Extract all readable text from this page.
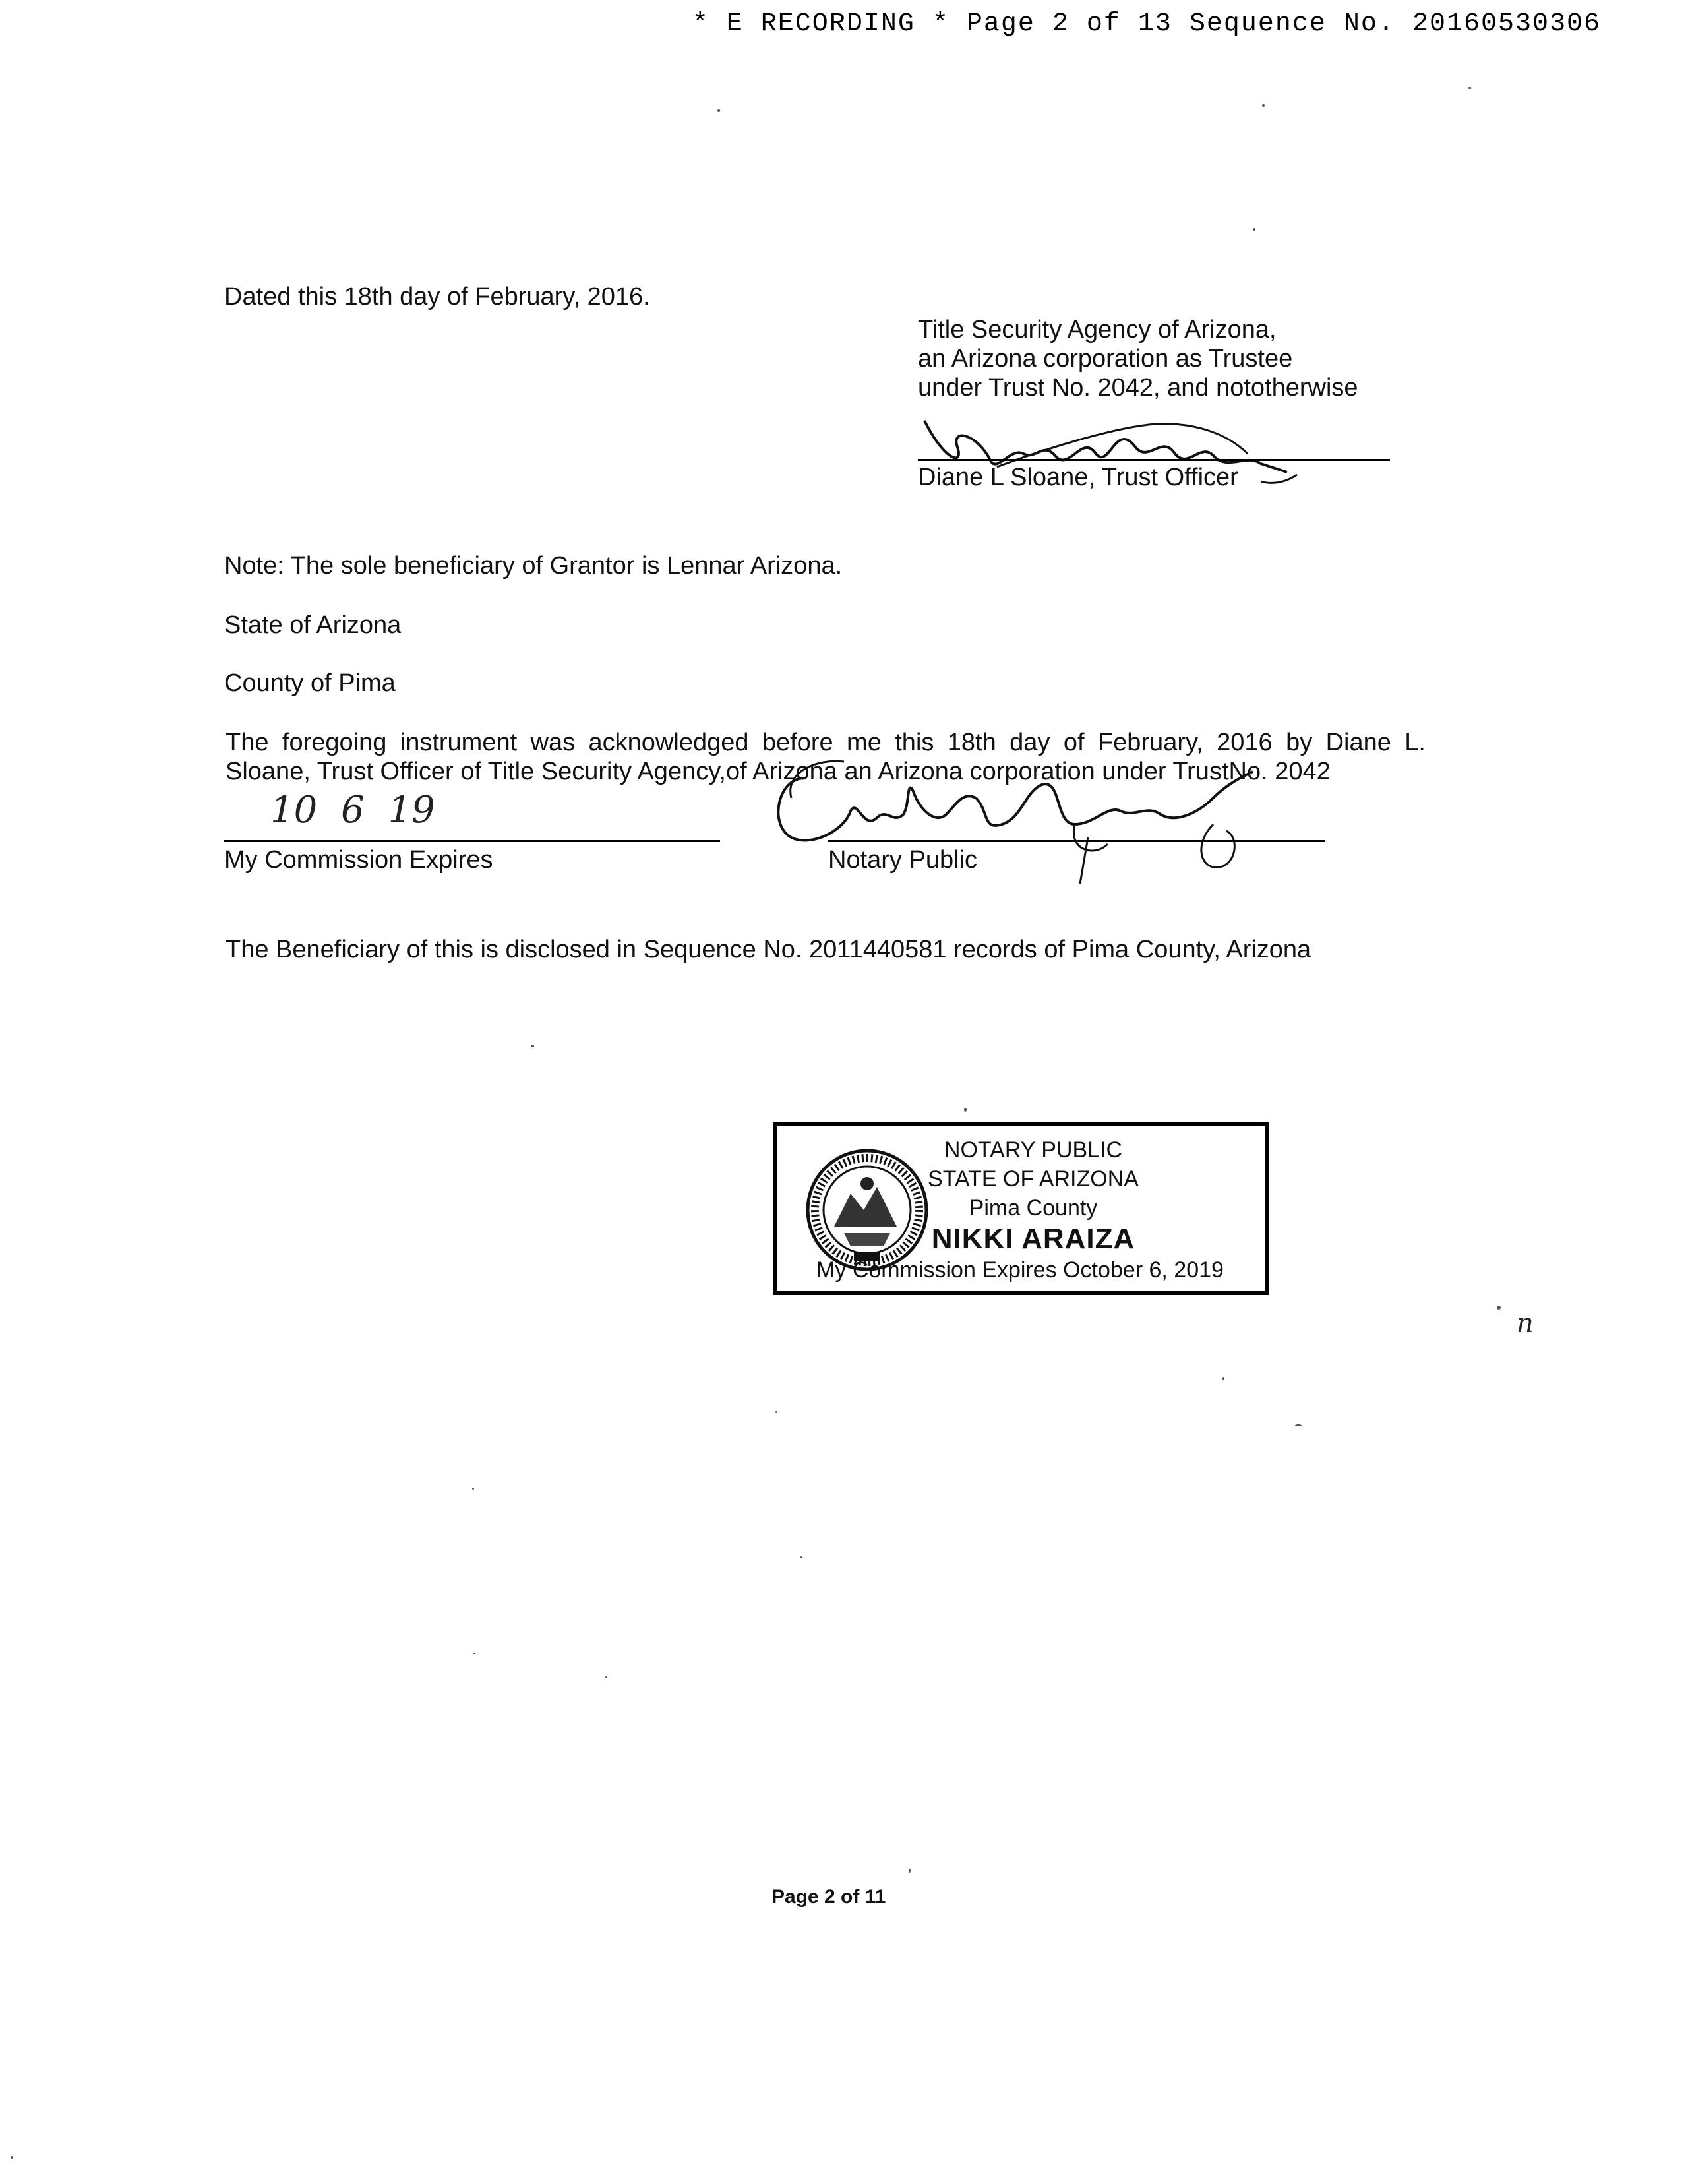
* E RECORDING * Page 2 of 13 Sequence No. 20160530306
Dated this 18th day of February, 2016.
Title Security Agency of Arizona,
an Arizona corporation as Trustee
under Trust No. 2042, and nototherwise
Diane L Sloane, Trust Officer
Note: The sole beneficiary of Grantor is Lennar Arizona.
State of Arizona
County of Pima
The foregoing instrument was acknowledged before me this 18th day of February, 2016 by Diane L.
Sloane, Trust Officer of Title Security Agency,of Arizona an Arizona corporation under TrustNo. 2042
10 6 19
My Commission Expires	Notary Public
The Beneficiary of this is disclosed in Sequence No. 2011440581 records of Pima County, Arizona
NOTARY PUBLIC
STATE OF ARIZONA
Pima County
NIKKI ARAIZA
My Commission Expires October 6, 2019
n
Page 2 of 11
